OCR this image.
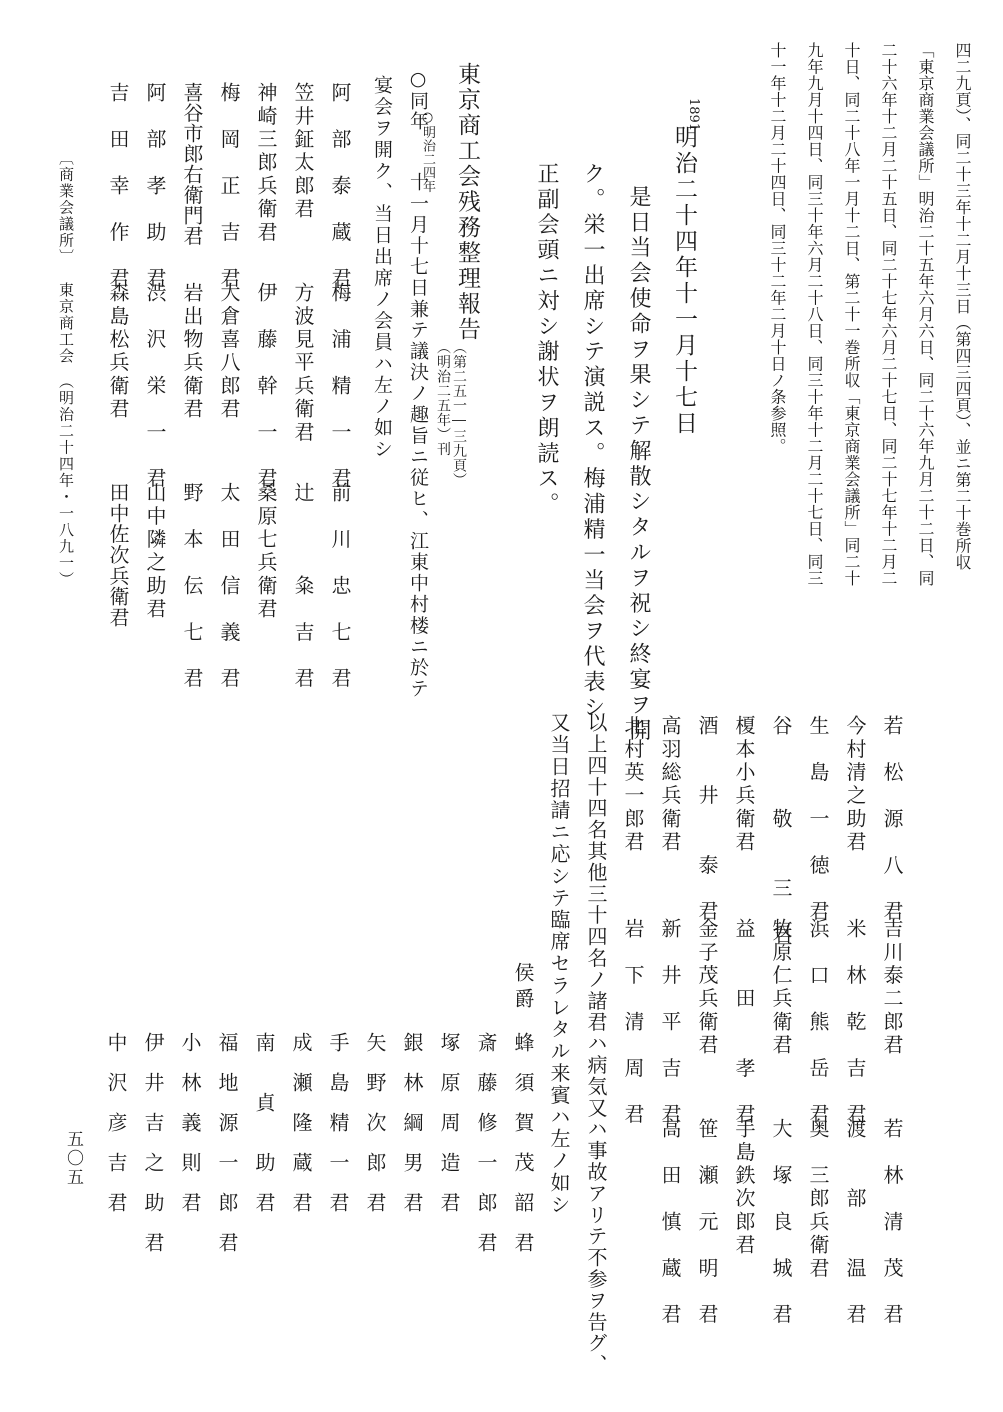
四二九頁）、同二十三年十二月十三日（第四三四頁）、並ニ第二十巻所収
「東京商業会議所」明治二十五年六月六日、同二十六年九月二十二日、同
二十六年十二月二十五日、同二十七年六月二十七日、同二十七年十二月二
十日、同二十八年一月十二日、第二十一巻所収「東京商業会議所」同二十
九年九月十四日、同三十年六月二十八日、同三十年十二月二十七日、同三
十一年十二月二十四日、同三十二年二月十日ノ条参照。
1891
明治二十四年十一月十七日
是日当会使命ヲ果シテ解散シタルヲ祝シ終宴ヲ開
ク。栄一出席シテ演説ス。梅浦精一当会ヲ代表シ
正副会頭ニ対シ謝状ヲ朗読ス。
東京商工会残務整理報告
（第二五一―三九頁）
（明治二五年）刊
○同年
○明治二四年
十一月十七日兼テ議決ノ趣旨ニ従ヒ、江東中村楼ニ於テ
宴会ヲ開ク、当日出席ノ会員ハ左ノ如シ
阿　部　泰　蔵　君
梅　浦　精　一　君
前　川　忠　七　君
笠井鉦太郎君
方波見平兵衛君
辻　　　粂　吉　君
神崎三郎兵衛君
伊　藤　幹　一　君
桑原七兵衛君
梅　岡　正　吉　君
大倉喜八郎君
太　田　信　義　君
喜谷市郎右衛門君
岩出物兵衛君
野　本　伝　七　君
阿　部　孝　助　君
渋　沢　栄　一　君
山中隣之助君
吉　田　幸　作　君
森島松兵衛君
田中佐次兵衛君
〔商業会議所〕
東京商工会　（明治二十四年・一八九一）
若　松　源　八　君
吉川泰二郎君
若　林　清　茂　君
今村清之助君
米　林　乾　吉　君
渡　　部　　温　君
生　島　一　徳　君
浜　口　熊　岳　君
奥　三郎兵衛君
谷　　　敬　　三　君
牧原仁兵衛君
大　塚　良　城　君
榎本小兵衛君
益　　田　　孝　君
手島鉄次郎君
酒　　井　　泰　君
金子茂兵衛君
笹　瀬　元　明　君
高羽総兵衛君
新　井　平　吉　君
高　田　慎　蔵　君
北村英一郎君
岩　下　清　周　君
以上四十四名其他三十四名ノ諸君ハ病気又ハ事故アリテ不参ヲ告グ、
又当日招請ニ応シテ臨席セラレタル来賓ハ左ノ如シ
侯爵
蜂　須　賀　茂　韶　君
斎　藤　修　一　郎　君
塚　原　周　造　君
銀　林　綱　男　君
矢　野　次　郎　君
手　島　精　一　君
成　瀬　隆　蔵　君
南　　貞　　助　君
福　地　源　一　郎　君
小　林　義　則　君
伊　井　吉　之　助　君
中　沢　彦　吉　君
五〇五
